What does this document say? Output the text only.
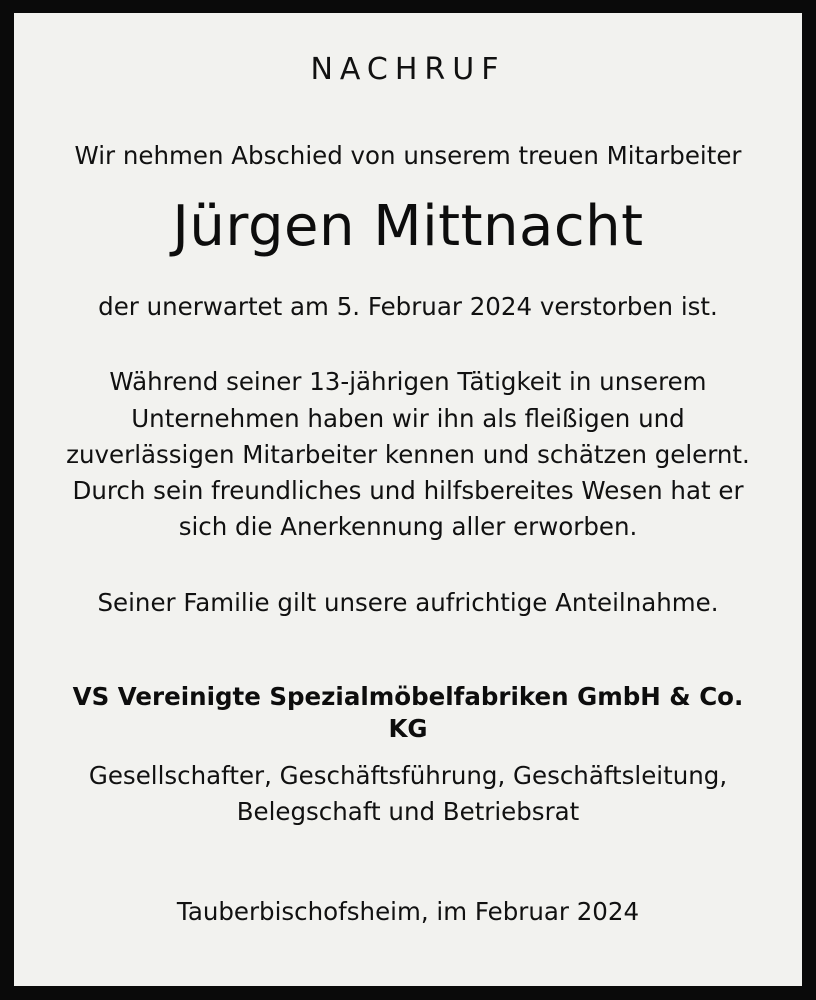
NACHRUF
Wir nehmen Abschied von unserem treuen Mitarbeiter
Jürgen Mittnacht
der unerwartet am 5. Februar 2024 verstorben ist.
Während seiner 13-jährigen Tätigkeit in unserem Unternehmen haben wir ihn als fleißigen und zuverlässigen Mitarbeiter kennen und schätzen gelernt. Durch sein freundliches und hilfsbereites Wesen hat er sich die Anerkennung aller erworben.
Seiner Familie gilt unsere aufrichtige Anteilnahme.
VS Vereinigte Spezialmöbelfabriken GmbH & Co. KG
Gesellschafter, Geschäftsführung, Geschäftsleitung, Belegschaft und Betriebsrat
Tauberbischofsheim, im Februar 2024
